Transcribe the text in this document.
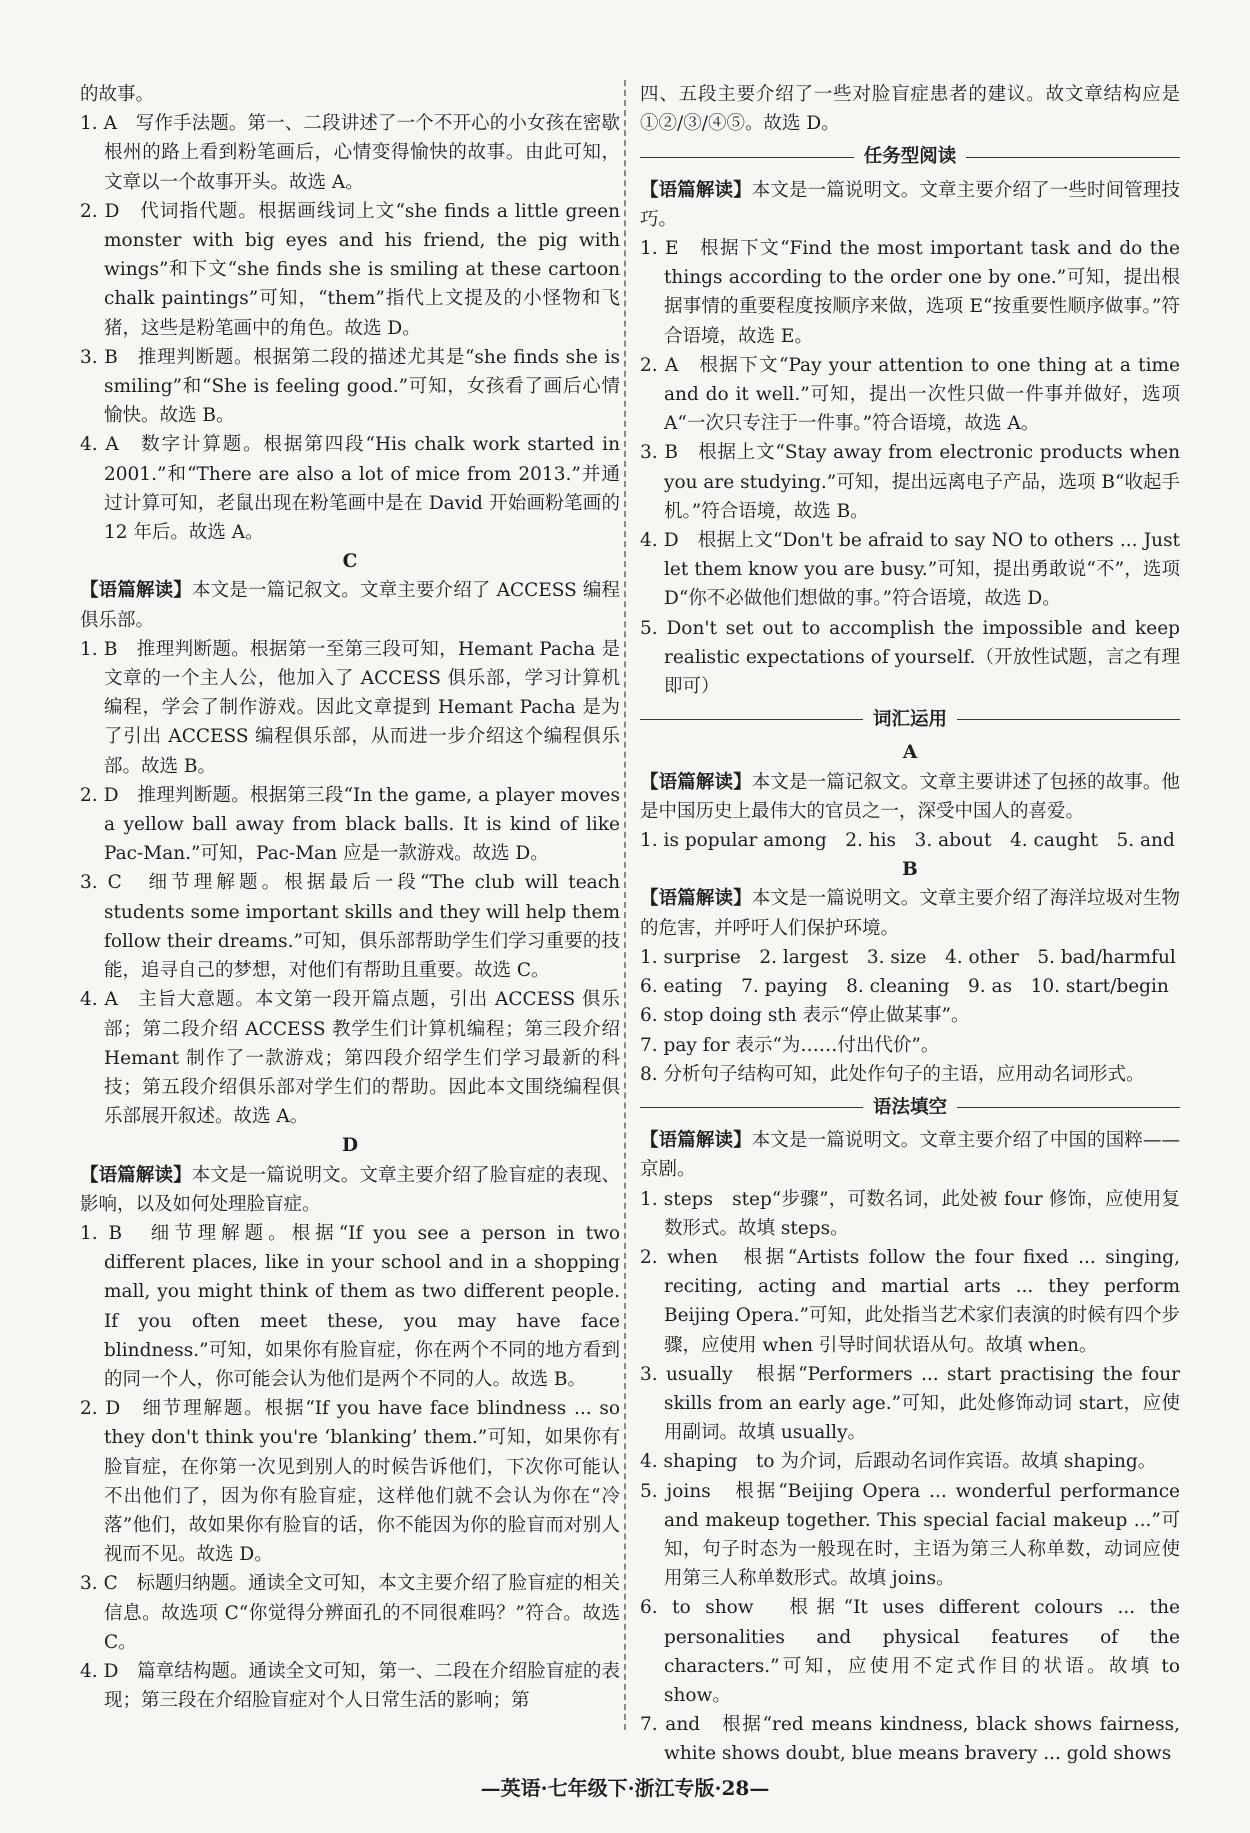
的故事。

1. A　写作手法题。第一、二段讲述了一个不开心的小女孩在密歇根州的路上看到粉笔画后，心情变得愉快的故事。由此可知，文章以一个故事开头。故选 A。

2. D　代词指代题。根据画线词上文“she finds a little green monster with big eyes and his friend, the pig with wings”和下文“she finds she is smiling at these cartoon chalk paintings”可知，“them”指代上文提及的小怪物和飞猪，这些是粉笔画中的角色。故选 D。

3. B　推理判断题。根据第二段的描述尤其是“she finds she is smiling”和“She is feeling good.”可知，女孩看了画后心情愉快。故选 B。

4. A　数字计算题。根据第四段“His chalk work started in 2001.”和“There are also a lot of mice from 2013.”并通过计算可知，老鼠出现在粉笔画中是在 David 开始画粉笔画的 12 年后。故选 A。

C

【语篇解读】本文是一篇记叙文。文章主要介绍了 ACCESS 编程俱乐部。

1. B　推理判断题。根据第一至第三段可知，Hemant Pacha 是文章的一个主人公，他加入了 ACCESS 俱乐部，学习计算机编程，学会了制作游戏。因此文章提到 Hemant Pacha 是为了引出 ACCESS 编程俱乐部，从而进一步介绍这个编程俱乐部。故选 B。

2. D　推理判断题。根据第三段“In the game, a player moves a yellow ball away from black balls. It is kind of like Pac-Man.”可知，Pac-Man 应是一款游戏。故选 D。

3. C　细节理解题。根据最后一段“The club will teach students some important skills and they will help them follow their dreams.”可知，俱乐部帮助学生们学习重要的技能，追寻自己的梦想，对他们有帮助且重要。故选 C。

4. A　主旨大意题。本文第一段开篇点题，引出 ACCESS 俱乐部；第二段介绍 ACCESS 教学生们计算机编程；第三段介绍 Hemant 制作了一款游戏；第四段介绍学生们学习最新的科技；第五段介绍俱乐部对学生们的帮助。因此本文围绕编程俱乐部展开叙述。故选 A。

D

【语篇解读】本文是一篇说明文。文章主要介绍了脸盲症的表现、影响，以及如何处理脸盲症。

1. B　细节理解题。根据“If you see a person in two different places, like in your school and in a shopping mall, you might think of them as two different people. If you often meet these, you may have face blindness.”可知，如果你有脸盲症，你在两个不同的地方看到的同一个人，你可能会认为他们是两个不同的人。故选 B。

2. D　细节理解题。根据“If you have face blindness ... so they don't think you're ‘blanking’ them.”可知，如果你有脸盲症，在你第一次见到别人的时候告诉他们，下次你可能认不出他们了，因为你有脸盲症，这样他们就不会认为你在“冷落”他们，故如果你有脸盲的话，你不能因为你的脸盲而对别人视而不见。故选 D。

3. C　标题归纳题。通读全文可知，本文主要介绍了脸盲症的相关信息。故选项 C“你觉得分辨面孔的不同很难吗？”符合。故选 C。

4. D　篇章结构题。通读全文可知，第一、二段在介绍脸盲症的表现；第三段在介绍脸盲症对个人日常生活的影响；第

四、五段主要介绍了一些对脸盲症患者的建议。故文章结构应是①②/③/④⑤。故选 D。

任务型阅读

【语篇解读】本文是一篇说明文。文章主要介绍了一些时间管理技巧。

1. E　根据下文“Find the most important task and do the things according to the order one by one.”可知，提出根据事情的重要程度按顺序来做，选项 E“按重要性顺序做事。”符合语境，故选 E。

2. A　根据下文“Pay your attention to one thing at a time and do it well.”可知，提出一次性只做一件事并做好，选项 A“一次只专注于一件事。”符合语境，故选 A。

3. B　根据上文“Stay away from electronic products when you are studying.”可知，提出远离电子产品，选项 B“收起手机。”符合语境，故选 B。

4. D　根据上文“Don't be afraid to say NO to others ... Just let them know you are busy.”可知，提出勇敢说“不”，选项 D“你不必做他们想做的事。”符合语境，故选 D。

5. Don't set out to accomplish the impossible and keep realistic expectations of yourself.（开放性试题，言之有理即可）

词汇运用

A

【语篇解读】本文是一篇记叙文。文章主要讲述了包拯的故事。他是中国历史上最伟大的官员之一，深受中国人的喜爱。

1. is popular among　2. his　3. about　4. caught　5. and

B

【语篇解读】本文是一篇说明文。文章主要介绍了海洋垃圾对生物的危害，并呼吁人们保护环境。

1. surprise　2. largest　3. size　4. other　5. bad/harmful

6. eating　7. paying　8. cleaning　9. as　10. start/begin

6. stop doing sth 表示“停止做某事”。

7. pay for 表示“为……付出代价”。

8. 分析句子结构可知，此处作句子的主语，应用动名词形式。

语法填空

【语篇解读】本文是一篇说明文。文章主要介绍了中国的国粹——京剧。

1. steps　step“步骤”，可数名词，此处被 four 修饰，应使用复数形式。故填 steps。

2. when　根据“Artists follow the four fixed ... singing, reciting, acting and martial arts ... they perform Beijing Opera.”可知，此处指当艺术家们表演的时候有四个步骤，应使用 when 引导时间状语从句。故填 when。

3. usually　根据“Performers ... start practising the four skills from an early age.”可知，此处修饰动词 start，应使用副词。故填 usually。

4. shaping　to 为介词，后跟动名词作宾语。故填 shaping。

5. joins　根据“Beijing Opera ... wonderful performance and makeup together. This special facial makeup ...”可知，句子时态为一般现在时，主语为第三人称单数，动词应使用第三人称单数形式。故填 joins。

6. to show　根据“It uses different colours ... the personalities and physical features of the characters.”可知，应使用不定式作目的状语。故填 to show。

7. and　根据“red means kindness, black shows fairness, white shows doubt, blue means bravery ... gold shows

—英语·七年级下·浙江专版·28—
